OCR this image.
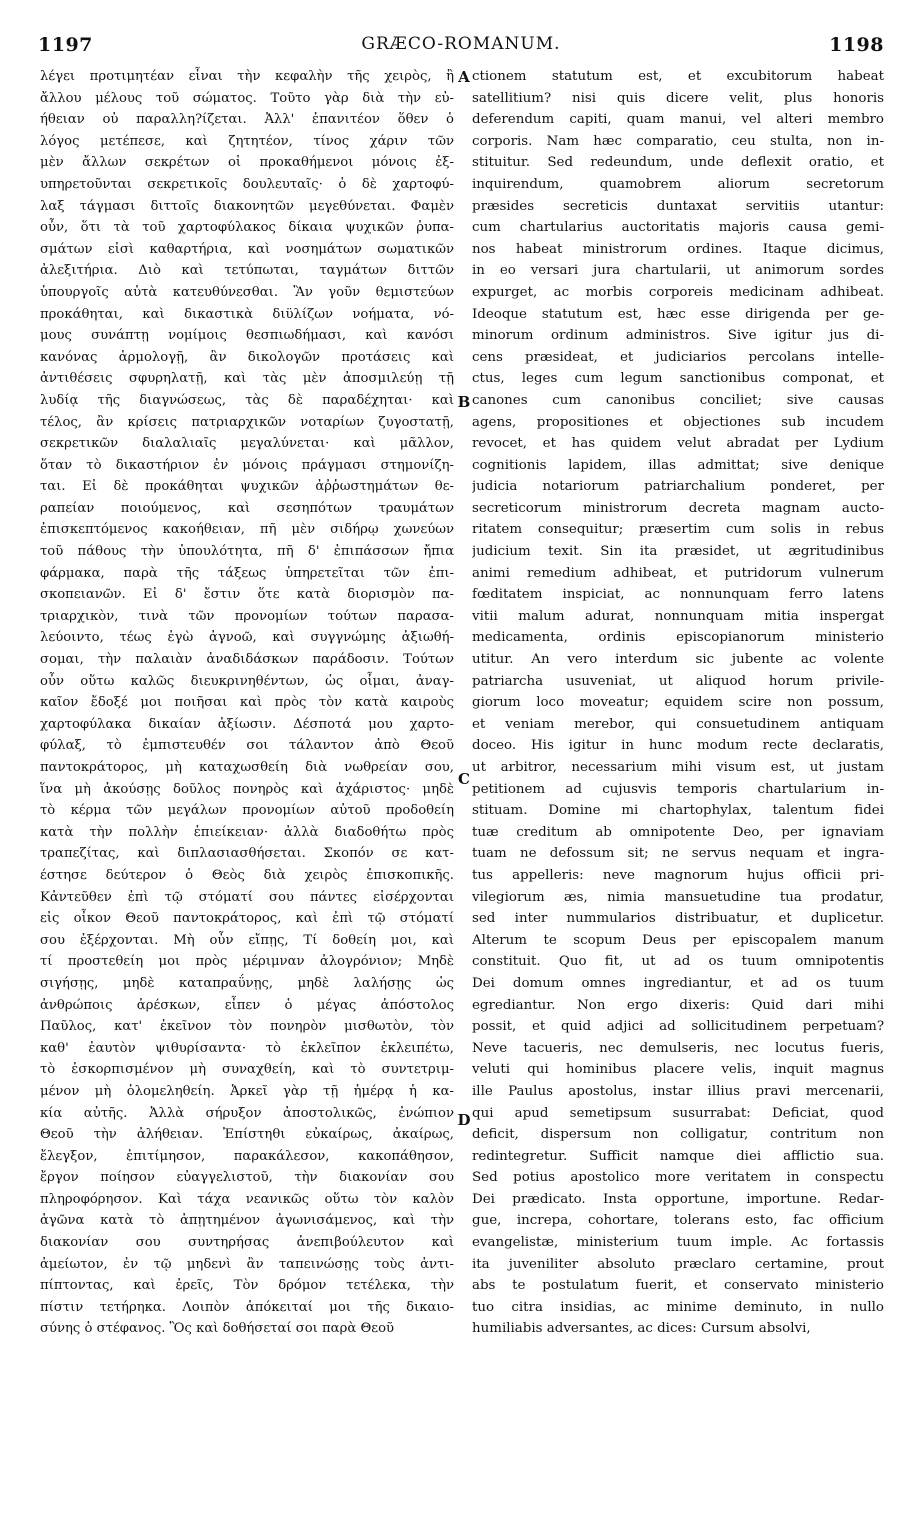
1197	GRÆCO-ROMANUM.	1198
λέγει προτιμητέαν εἶναι τὴν κεφαλὴν τῆς χειρὸς, ἢ
ἄλλου μέλους τοῦ σώματος. Τοῦτο γὰρ διὰ τὴν εὐ-
ήθειαν οὐ παραλλη?ίζεται. Ἀλλ' ἐπανιτέον ὅθεν ὁ
λόγος μετέπεσε, καὶ ζητητέον, τίνος χάριν τῶν
μὲν ἄλλων σεκρέτων οἱ προκαθήμενοι μόνοις ἐξ-
υπηρετοῦνται σεκρετικοῖς δουλευταῖς· ὁ δὲ χαρτοφύ-
λαξ τάγμασι διττοῖς διακονητῶν μεγεθύνεται. Φαμὲν
οὖν, ὅτι τὰ τοῦ χαρτοφύλακος δίκαια ψυχικῶν ῥυπα-
σμάτων εἰσὶ καθαρτήρια, καὶ νοσημάτων σωματικῶν
ἀλεξιτήρια. Διὸ καὶ τετύπωται, ταγμάτων διττῶν
ὑπουργοῖς αὐτὰ κατευθύνεσθαι. Ἂν γοῦν θεμιστεύων
προκάθηται, καὶ δικαστικὰ διϋλίζων νοήματα, νό-
μους συνάπτῃ νομίμοις θεσπιωδήμασι, καὶ κανόσι
κανόνας ἁρμολογῇ, ἂν δικολογῶν προτάσεις καὶ
ἀντιθέσεις σφυρηλατῇ, καὶ τὰς μὲν ἀποσμιλεύῃ τῇ
λυδίᾳ τῆς διαγνώσεως, τὰς δὲ παραδέχηται· καὶ
τέλος, ἂν κρίσεις πατριαρχικῶν νοταρίων ζυγοστατῇ,
σεκρετικῶν διαλαλιαῖς μεγαλύνεται· καὶ μᾶλλον,
ὅταν τὸ δικαστήριον ἐν μόνοις πράγμασι στημονίζη-
ται. Εἰ δὲ προκάθηται ψυχικῶν ἀῤῥωστημάτων θε-
ραπείαν ποιούμενος, καὶ σεσηπότων τραυμάτων
ἐπισκεπτόμενος κακοήθειαν, πῆ μὲν σιδήρῳ χωνεύων
τοῦ πάθους τὴν ὑπουλότητα, πῆ δ' ἐπιπάσσων ἤπια
φάρμακα, παρὰ τῆς τάξεως ὑπηρετεῖται τῶν ἐπι-
σκοπειανῶν. Εἰ δ' ἔστιν ὅτε κατὰ διορισμὸν πα-
τριαρχικὸν, τινὰ τῶν προνομίων τούτων παρασα-
λεύοιντο, τέως ἐγὼ ἀγνοῶ, καὶ συγγνώμης ἀξιωθή-
σομαι, τὴν παλαιὰν ἀναδιδάσκων παράδοσιν. Τούτων
οὖν οὕτω καλῶς διευκρινηθέντων, ὡς οἶμαι, ἀναγ-
καῖον ἔδοξέ μοι ποιῆσαι καὶ πρὸς τὸν κατὰ καιροὺς
χαρτοφύλακα δικαίαν ἀξίωσιν. Δέσποτά μου χαρτο-
φύλαξ, τὸ ἐμπιστευθέν σοι τάλαντον ἀπὸ Θεοῦ
παντοκράτορος, μὴ καταχωσθείη διὰ νωθρείαν σου,
ἵνα μὴ ἀκούσῃς δοῦλος πονηρὸς καὶ ἀχάριστος· μηδὲ
τὸ κέρμα τῶν μεγάλων προνομίων αὐτοῦ προδοθείη
κατὰ τὴν πολλὴν ἐπιείκειαν· ἀλλὰ διαδοθήτω πρὸς
τραπεζίτας, καὶ διπλασιασθήσεται. Σκοπόν σε κατ-
έστησε δεύτερον ὁ Θεὸς διὰ χειρὸς ἐπισκοπικῆς.
Κἀντεῦθεν ἐπὶ τῷ στόματί σου πάντες εἰσέρχονται
εἰς οἶκον Θεοῦ παντοκράτορος, καὶ ἐπὶ τῷ στόματί
σου ἐξέρχονται. Μὴ οὖν εἴπῃς, Τί δοθείη μοι, καὶ
τί προστεθείη μοι πρὸς μέριμναν ἀλογρόνιον; Μηδὲ
σιγήσῃς, μηδὲ καταπραΰνῃς, μηδὲ λαλήσῃς ὡς
ἀνθρώποις ἀρέσκων, εἶπεν ὁ μέγας ἀπόστολος
Παῦλος, κατ' ἐκεῖνον τὸν πονηρὸν μισθωτὸν, τὸν
καθ' ἑαυτὸν ψιθυρίσαντα· τὸ ἐκλεῖπον ἐκλειπέτω,
τὸ ἐσκορπισμένον μὴ συναχθείη, καὶ τὸ συντετριμ-
μένον μὴ ὁλομεληθείη. Ἀρκεῖ γὰρ τῇ ἡμέρᾳ ἡ κα-
κία αὐτῆς. Ἀλλὰ σήρυξον ἀποστολικῶς, ἐνώπιον
Θεοῦ τὴν ἀλήθειαν. Ἐπίστηθι εὐκαίρως, ἀκαίρως,
ἔλεγξον, ἐπιτίμησον, παρακάλεσον, κακοπάθησον,
ἔργον ποίησον εὐαγγελιστοῦ, τὴν διακονίαν σου
πληροφόρησον. Καὶ τάχα νεανικῶς οὕτω τὸν καλὸν
ἀγῶνα κατὰ τὸ ἀπῃτημένον ἀγωνισάμενος, καὶ τὴν
διακονίαν σου συντηρήσας ἀνεπιβούλευτον καὶ
ἀμείωτον, ἐν τῷ μηδενὶ ἂν ταπεινώσῃς τοὺς ἀντι-
πίπτοντας, καὶ ἐρεῖς, Τὸν δρόμον τετέλεκα, τὴν
πίστιν τετήρηκα. Λοιπὸν ἀπόκειταί μοι τῆς δικαιο-
σύνης ὁ στέφανος. Ὃς καὶ δοθήσεταί σοι παρὰ Θεοῦ
A
B
C
D
ctionem statutum est, et excubitorum habeat
satellitium? nisi quis dicere velit, plus honoris
deferendum capiti, quam manui, vel alteri membro
corporis. Nam hæc comparatio, ceu stulta, non in-
stituitur. Sed redeundum, unde deflexit oratio, et
inquirendum, quamobrem aliorum secretorum
præsides secreticis duntaxat servitiis utantur:
cum chartularius auctoritatis majoris causa gemi-
nos habeat ministrorum ordines. Itaque dicimus,
in eo versari jura chartularii, ut animorum sordes
expurget, ac morbis corporeis medicinam adhibeat.
Ideoque statutum est, hæc esse dirigenda per ge-
minorum ordinum administros. Sive igitur jus di-
cens præsideat, et judiciarios percolans intelle-
ctus, leges cum legum sanctionibus componat, et
canones cum canonibus conciliet; sive causas
agens, propositiones et objectiones sub incudem
revocet, et has quidem velut abradat per Lydium
cognitionis lapidem, illas admittat; sive denique
judicia notariorum patriarchalium ponderet, per
secreticorum ministrorum decreta magnam aucto-
ritatem consequitur; præsertim cum solis in rebus
judicium texit. Sin ita præsidet, ut ægritudinibus
animi remedium adhibeat, et putridorum vulnerum
fœditatem inspiciat, ac nonnunquam ferro latens
vitii malum adurat, nonnunquam mitia inspergat
medicamenta, ordinis episcopianorum ministerio
utitur. An vero interdum sic jubente ac volente
patriarcha usuveniat, ut aliquod horum privile-
giorum loco moveatur; equidem scire non possum,
et veniam merebor, qui consuetudinem antiquam
doceo. His igitur in hunc modum recte declaratis,
ut arbitror, necessarium mihi visum est, ut justam
petitionem ad cujusvis temporis chartularium in-
stituam. Domine mi chartophylax, talentum fidei
tuæ creditum ab omnipotente Deo, per ignaviam
tuam ne defossum sit; ne servus nequam et ingra-
tus appelleris: neve magnorum hujus officii pri-
vilegiorum æs, nimia mansuetudine tua prodatur,
sed inter nummularios distribuatur, et duplicetur.
Alterum te scopum Deus per episcopalem manum
constituit. Quo fit, ut ad os tuum omnipotentis
Dei domum omnes ingrediantur, et ad os tuum
egrediantur. Non ergo dixeris: Quid dari mihi
possit, et quid adjici ad sollicitudinem perpetuam?
Neve tacueris, nec demulseris, nec locutus fueris,
veluti qui hominibus placere velis, inquit magnus
ille Paulus apostolus, instar illius pravi mercenarii,
qui apud semetipsum susurrabat: Deficiat, quod
deficit, dispersum non colligatur, contritum non
redintegretur. Sufficit namque diei afflictio sua.
Sed potius apostolico more veritatem in conspectu
Dei prædicato. Insta opportune, importune. Redar-
gue, increpa, cohortare, tolerans esto, fac officium
evangelistæ, ministerium tuum imple. Ac fortassis
ita juveniliter absoluto præclaro certamine, prout
abs te postulatum fuerit, et conservato ministerio
tuo citra insidias, ac minime deminuto, in nullo
humiliabis adversantes, ac dices: Cursum absolvi,
